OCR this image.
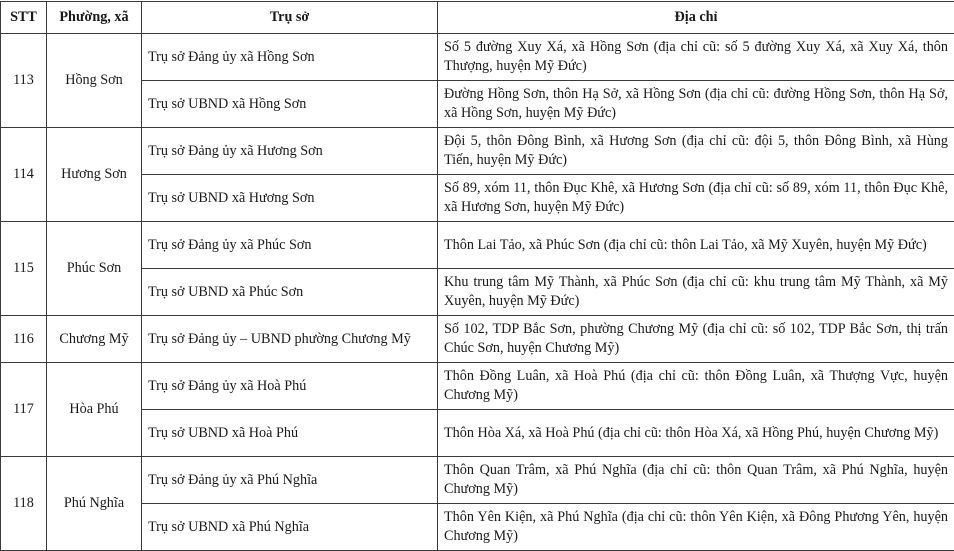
STT	Phường, xã	Trụ sở	Địa chỉ
113	Hồng Sơn	Trụ sở Đảng ủy xã Hồng Sơn	Số 5 đường Xuy Xá, xã Hồng Sơn (địa chỉ cũ: số 5 đường Xuy Xá, xã Xuy Xá, thôn Thượng, huyện Mỹ Đức)
		Trụ sở UBND xã Hồng Sơn	Đường Hồng Sơn, thôn Hạ Sở, xã Hồng Sơn (địa chỉ cũ: đường Hồng Sơn, thôn Hạ Sở, xã Hồng Sơn, huyện Mỹ Đức)
114	Hương Sơn	Trụ sở Đảng ủy xã Hương Sơn	Đội 5, thôn Đông Bình, xã Hương Sơn (địa chỉ cũ: đội 5, thôn Đông Bình, xã Hùng Tiến, huyện Mỹ Đức)
		Trụ sở UBND xã Hương Sơn	Số 89, xóm 11, thôn Đục Khê, xã Hương Sơn (địa chỉ cũ: số 89, xóm 11, thôn Đục Khê, xã Hương Sơn, huyện Mỹ Đức)
115	Phúc Sơn	Trụ sở Đảng ủy xã Phúc Sơn	Thôn Lai Tảo, xã Phúc Sơn (địa chỉ cũ: thôn Lai Tảo, xã Mỹ Xuyên, huyện Mỹ Đức)
		Trụ sở UBND xã Phúc Sơn	Khu trung tâm Mỹ Thành, xã Phúc Sơn (địa chỉ cũ: khu trung tâm Mỹ Thành, xã Mỹ Xuyên, huyện Mỹ Đức)
116	Chương Mỹ	Trụ sở Đảng ủy – UBND phường Chương Mỹ	Số 102, TDP Bắc Sơn, phường Chương Mỹ (địa chỉ cũ: số 102, TDP Bắc Sơn, thị trấn Chúc Sơn, huyện Chương Mỹ)
117	Hòa Phú	Trụ sở Đảng ủy xã Hoà Phú	Thôn Đồng Luân, xã Hoà Phú (địa chỉ cũ: thôn Đồng Luân, xã Thượng Vực, huyện Chương Mỹ)
		Trụ sở UBND xã Hoà Phú	Thôn Hòa Xá, xã Hoà Phú (địa chỉ cũ: thôn Hòa Xá, xã Hồng Phú, huyện Chương Mỹ)
118	Phú Nghĩa	Trụ sở Đảng ủy xã Phú Nghĩa	Thôn Quan Trâm, xã Phú Nghĩa (địa chỉ cũ: thôn Quan Trâm, xã Phú Nghĩa, huyện Chương Mỹ)
		Trụ sở UBND xã Phú Nghĩa	Thôn Yên Kiện, xã Phú Nghĩa (địa chỉ cũ: thôn Yên Kiện, xã Đông Phương Yên, huyện Chương Mỹ)
